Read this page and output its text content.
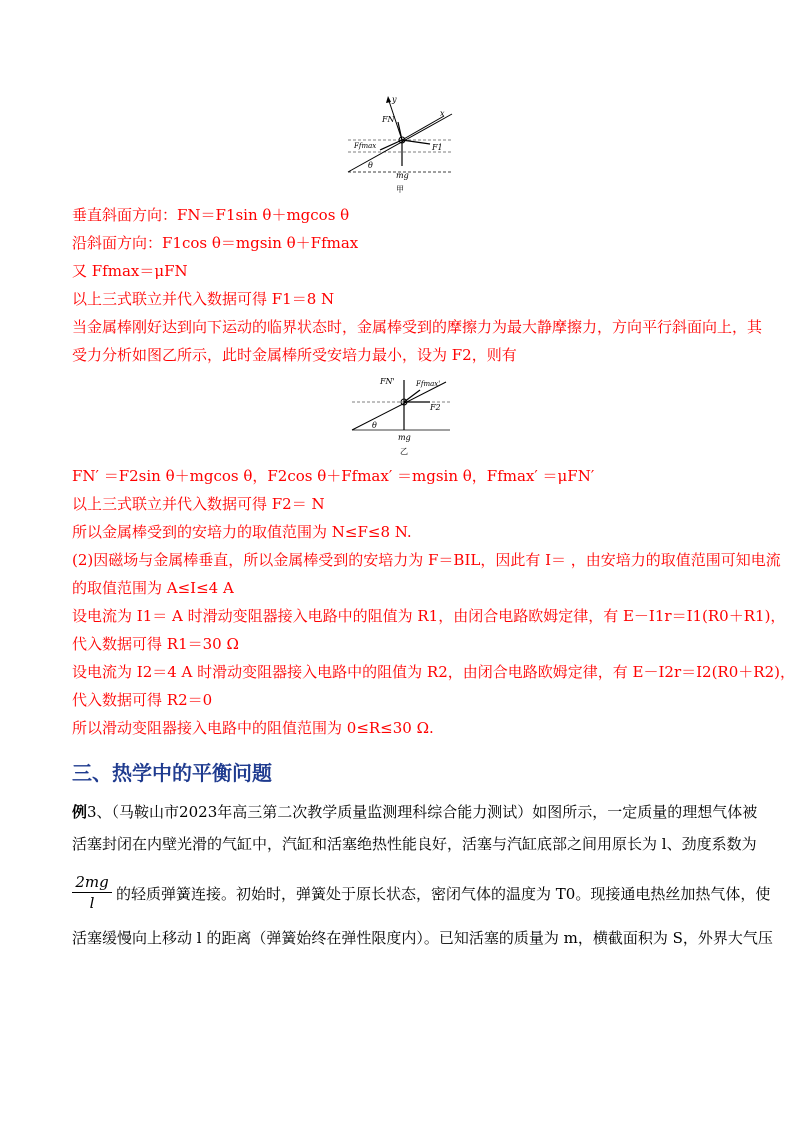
y
x
FN
Ffmax	F1
θ
mg
甲
垂直斜面方向：FN＝F1sin θ＋mgcos θ
沿斜面方向：F1cos θ＝mgsin θ＋Ffmax
又 Ffmax＝μFN
以上三式联立并代入数据可得 F1＝8 N
当金属棒刚好达到向下运动的临界状态时，金属棒受到的摩擦力为最大静摩擦力，方向平行斜面向上，其
受力分析如图乙所示，此时金属棒所受安培力最小，设为 F2，则有
FN'	Ffmax'
F2
θ
mg
乙
FN′ ＝F2sin θ＋mgcos θ，F2cos θ＋Ffmax′ ＝mgsin θ，Ffmax′ ＝μFN′
以上三式联立并代入数据可得 F2＝ N
所以金属棒受到的安培力的取值范围为 N≤F≤8 N.
(2)因磁场与金属棒垂直，所以金属棒受到的安培力为 F＝BIL，因此有 I＝ ，由安培力的取值范围可知电流
的取值范围为 A≤I≤4 A
设电流为 I1＝ A 时滑动变阻器接入电路中的阻值为 R1，由闭合电路欧姆定律，有 E－I1r＝I1(R0＋R1)，
代入数据可得 R1＝30 Ω
设电流为 I2＝4 A 时滑动变阻器接入电路中的阻值为 R2，由闭合电路欧姆定律，有 E－I2r＝I2(R0＋R2)，
代入数据可得 R2＝0
所以滑动变阻器接入电路中的阻值范围为 0≤R≤30 Ω.
三、热学中的平衡问题
例3、（马鞍山市2023年高三第二次教学质量监测理科综合能力测试）如图所示，一定质量的理想气体被
活塞封闭在内壁光滑的气缸中，汽缸和活塞绝热性能良好，活塞与汽缸底部之间用原长为 l、劲度系数为
$\frac{2mg}{l}$ 的轻质弹簧连接。初始时，弹簧处于原长状态，密闭气体的温度为 T0。现接通电热丝加热气体，使
活塞缓慢向上移动 l 的距离（弹簧始终在弹性限度内）。已知活塞的质量为 m，横截面积为 S，外界大气压
